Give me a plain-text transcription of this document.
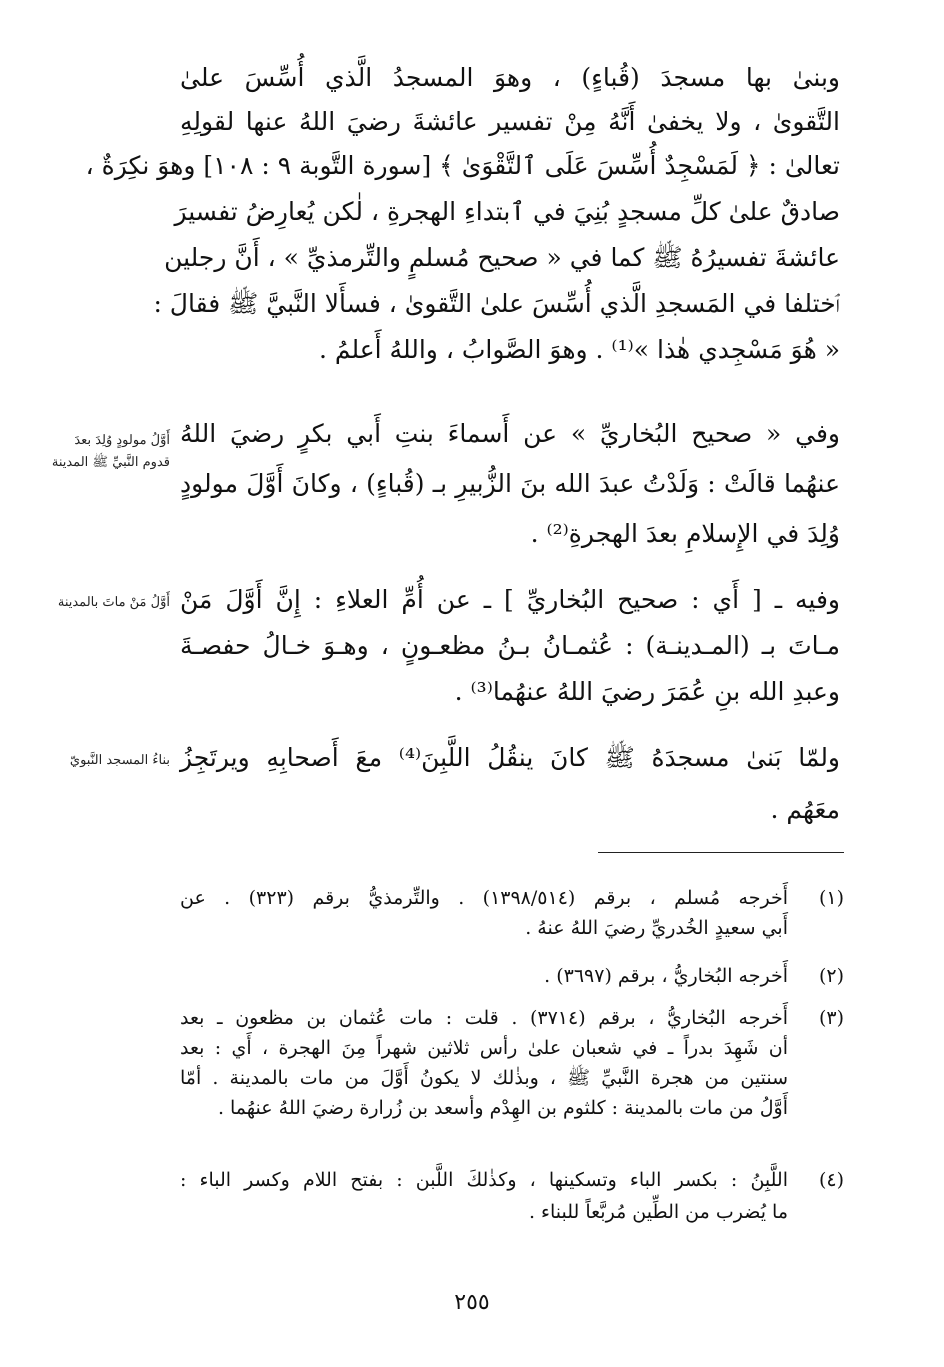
وبنىٰ بها مسجدَ (قُباءٍ) ، وهوَ المسجدُ الَّذي أُسِّسَ علىٰ
التَّقوىٰ ، ولا يخفىٰ أَنَّهُ مِنْ تفسير عائشةَ رضيَ اللهُ عنها لقولِهِ
تعالىٰ : ﴿ لَمَسْجِدٌ أُسِّسَ عَلَى ٱلتَّقْوَىٰ ﴾ [سورة التَّوبة ٩ : ١٠٨] وهوَ نكِرَةٌ ،
صادقٌ علىٰ كلِّ مسجدٍ بُنِيَ في ٱبتداءِ الهجرةِ ، لٰكن يُعارِضُ تفسيرَ
عائشةَ تفسيرُهُ ﷺ كما في « صحيح مُسلمٍ والتِّرمذيِّ » ، أَنَّ رجلين
ٱختلفا في المَسجدِ الَّذي أُسِّسَ علىٰ التَّقوىٰ ، فسأَلا النَّبيَّ ﷺ فقالَ :
« هُوَ مَسْجِدي هٰذا »⁽¹⁾ . وهوَ الصَّوابُ ، واللهُ أَعلمُ .
وفي « صحيح البُخاريِّ » عن أَسماءَ بنتِ أَبي بكرٍ رضيَ اللهُ
عنهُما قالَتْ : وَلَدْتُ عبدَ الله بنَ الزُّبيرِ بـ (قُباءٍ) ، وكانَ أَوَّلَ مولودٍ
وُلِدَ في الإِسلامِ بعدَ الهجرةِ⁽²⁾ .
وفيه ـ [ أَي : صحيح البُخاريِّ ] ـ عن أُمِّ العلاءِ : إِنَّ أَوَّلَ مَنْ
مـاتَ بـ (المـدينـة) : عُثمـانُ بـنُ مظعـونٍ ، وهـوَ خـالُ حفصـةَ
وعبدِ الله بنِ عُمَرَ رضيَ اللهُ عنهُما⁽³⁾ .
ولمّا بَنىٰ مسجدَهُ ﷺ كانَ ينقُلُ اللَّبِنَ⁽⁴⁾ معَ أَصحابِهِ ويرتَجِزُ
معَهُم .
أَوَّلُ مولودٍ وُلِدَ بعدَ
قدوم النَّبيِّ ﷺ المدينة
أَوَّلُ مَنْ ماتَ بالمدينة
بناءُ المسجد النَّبويّ
(١)
أَخرجه مُسلم ، برقم (١٣٩٨/٥١٤) . والتِّرمذيُّ برقم (٣٢٣) . عن
أَبي سعيدٍ الخُدريِّ رضيَ اللهُ عنهُ .
(٢)
أَخرجه البُخاريُّ ، برقم (٣٦٩٧) .
(٣)
أَخرجه البُخاريُّ ، برقم (٣٧١٤) . قلت : مات عُثمان بن مظعون ـ بعد
أن شَهِدَ بدراً ـ في شعبان علىٰ رأس ثلاثين شهراً مِنَ الهجرة ، أَي : بعد
سنتين من هجرة النَّبيِّ ﷺ ، وبذٰلك لا يكونُ أَوَّلَ من مات بالمدينة . أمّا
أَوَّلُ من مات بالمدينة : كلثوم بن الهِدْم وأسعد بن زُرارة رضيَ اللهُ عنهُما .
(٤)
اللَّبِنُ : بكسر الباء وتسكينها ، وكذٰلكَ اللَّبن : بفتح اللام وكسر الباء :
ما يُضرب من الطِّين مُربَّعاً للبناء .
٢٥٥
